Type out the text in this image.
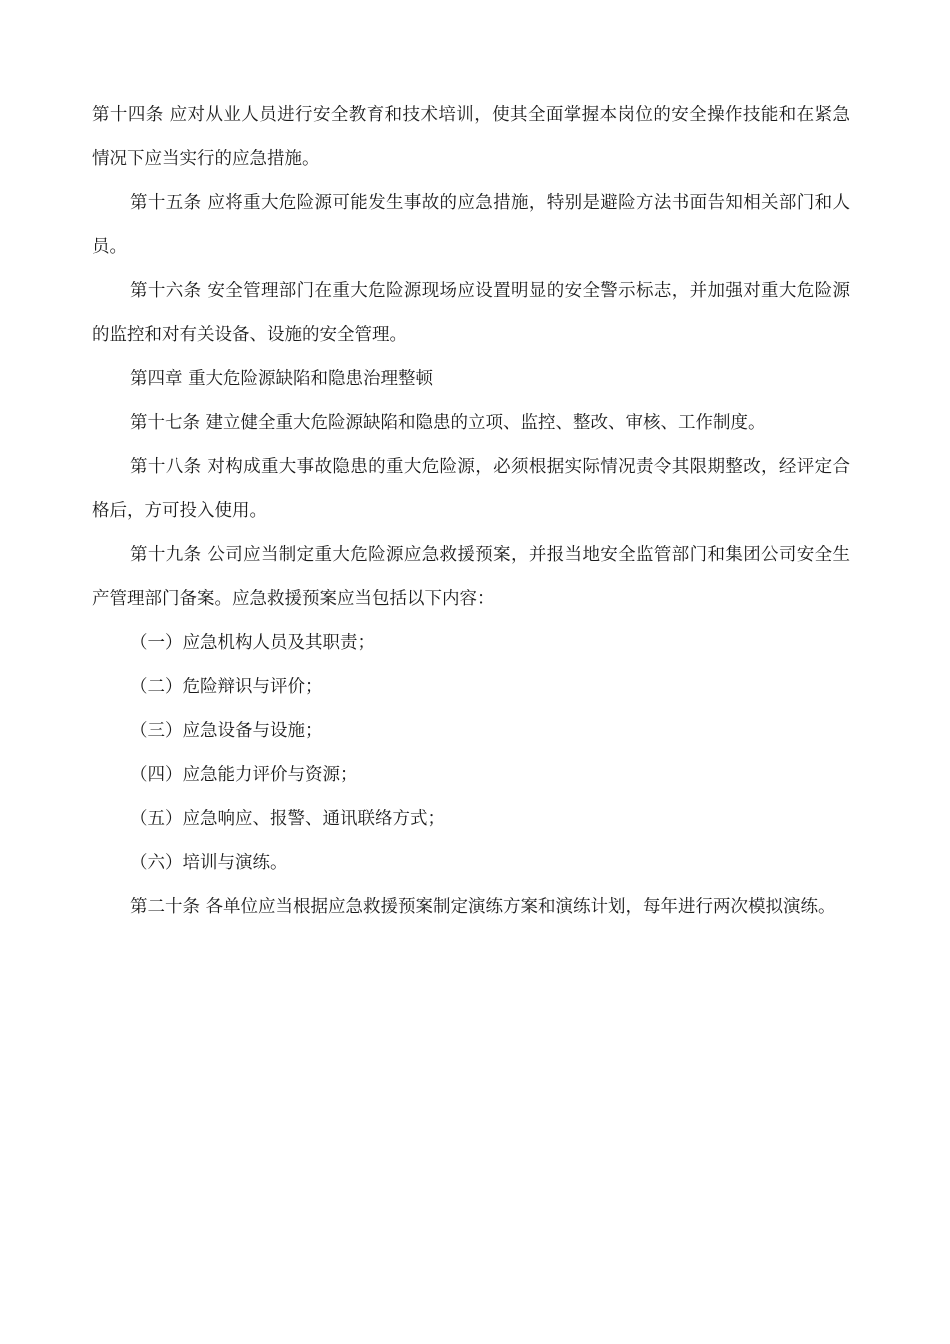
第十四条 应对从业人员进行安全教育和技术培训，使其全面掌握本岗位的安全操作技能和在紧急情况下应当实行的应急措施。

第十五条 应将重大危险源可能发生事故的应急措施，特别是避险方法书面告知相关部门和人员。

第十六条 安全管理部门在重大危险源现场应设置明显的安全警示标志，并加强对重大危险源的监控和对有关设备、设施的安全管理。

第四章 重大危险源缺陷和隐患治理整顿

第十七条 建立健全重大危险源缺陷和隐患的立项、监控、整改、审核、工作制度。

第十八条 对构成重大事故隐患的重大危险源，必须根据实际情况责令其限期整改，经评定合格后，方可投入使用。

第十九条 公司应当制定重大危险源应急救援预案，并报当地安全监管部门和集团公司安全生产管理部门备案。应急救援预案应当包括以下内容：

（一）应急机构人员及其职责；

（二）危险辩识与评价；

（三）应急设备与设施；

（四）应急能力评价与资源；

（五）应急响应、报警、通讯联络方式；

（六）培训与演练。

第二十条 各单位应当根据应急救援预案制定演练方案和演练计划，每年进行两次模拟演练。
